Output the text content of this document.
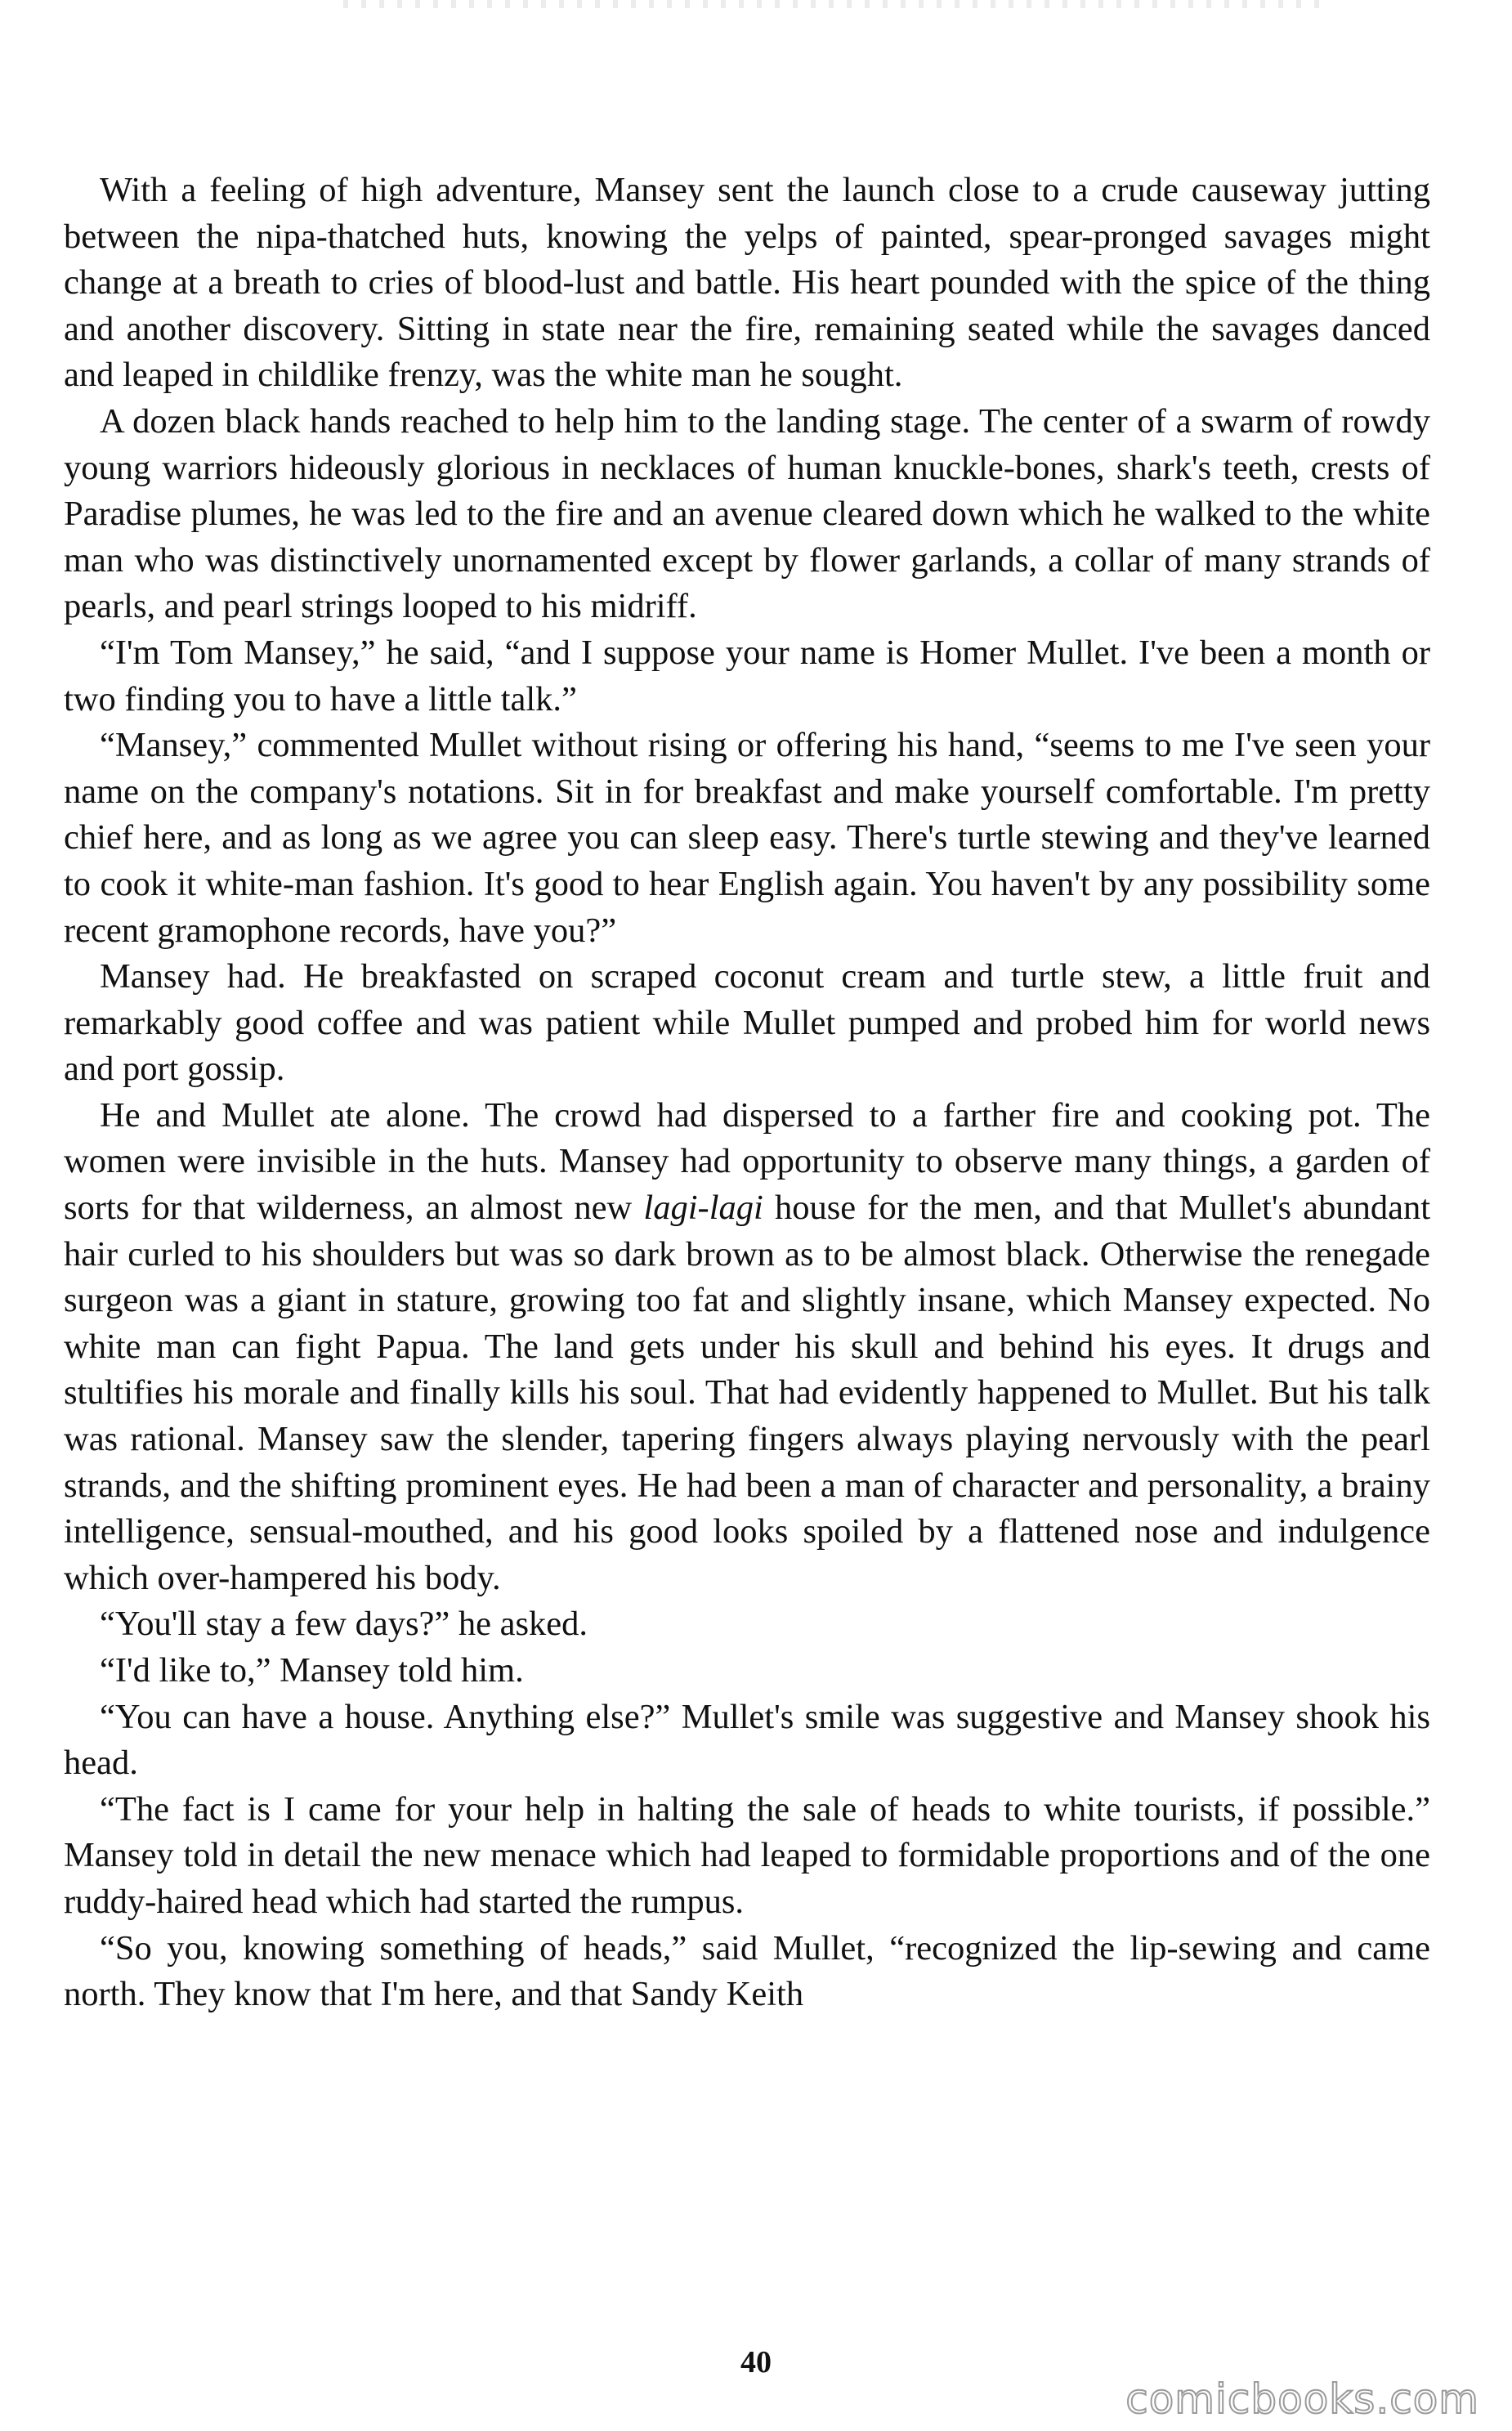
With a feeling of high adventure, Mansey sent the launch close to a crude causeway jutting between the nipa-thatched huts, knowing the yelps of painted, spear-pronged savages might change at a breath to cries of blood-lust and battle. His heart pounded with the spice of the thing and another discovery. Sitting in state near the fire, remaining seated while the savages danced and leaped in childlike frenzy, was the white man he sought.

A dozen black hands reached to help him to the landing stage. The center of a swarm of rowdy young warriors hideously glorious in necklaces of human knuckle-bones, shark's teeth, crests of Paradise plumes, he was led to the fire and an avenue cleared down which he walked to the white man who was distinctively unornamented except by flower garlands, a collar of many strands of pearls, and pearl strings looped to his midriff.

“I'm Tom Mansey,” he said, “and I suppose your name is Homer Mullet. I've been a month or two finding you to have a little talk.”

“Mansey,” commented Mullet without rising or offering his hand, “seems to me I've seen your name on the company's notations. Sit in for breakfast and make yourself comfortable. I'm pretty chief here, and as long as we agree you can sleep easy. There's turtle stewing and they've learned to cook it white-man fashion. It's good to hear English again. You haven't by any possibility some recent gramophone records, have you?”

Mansey had. He breakfasted on scraped coconut cream and turtle stew, a little fruit and remarkably good coffee and was patient while Mullet pumped and probed him for world news and port gossip.

He and Mullet ate alone. The crowd had dispersed to a farther fire and cooking pot. The women were invisible in the huts. Mansey had opportunity to observe many things, a garden of sorts for that wilderness, an almost new lagi-lagi house for the men, and that Mullet's abundant hair curled to his shoulders but was so dark brown as to be almost black. Otherwise the renegade surgeon was a giant in stature, growing too fat and slightly insane, which Mansey expected. No white man can fight Papua. The land gets under his skull and behind his eyes. It drugs and stultifies his morale and finally kills his soul. That had evidently happened to Mullet. But his talk was rational. Mansey saw the slender, tapering fingers always playing nervously with the pearl strands, and the shifting prominent eyes. He had been a man of character and personality, a brainy intelligence, sensual-mouthed, and his good looks spoiled by a flattened nose and indulgence which over-hampered his body.

“You'll stay a few days?” he asked.

“I'd like to,” Mansey told him.

“You can have a house. Anything else?” Mullet's smile was suggestive and Mansey shook his head.

“The fact is I came for your help in halting the sale of heads to white tourists, if possible.” Mansey told in detail the new menace which had leaped to formidable proportions and of the one ruddy-haired head which had started the rumpus.

“So you, knowing something of heads,” said Mullet, “recognized the lip-sewing and came north. They know that I'm here, and that Sandy Keith

40
comicbooks.com
